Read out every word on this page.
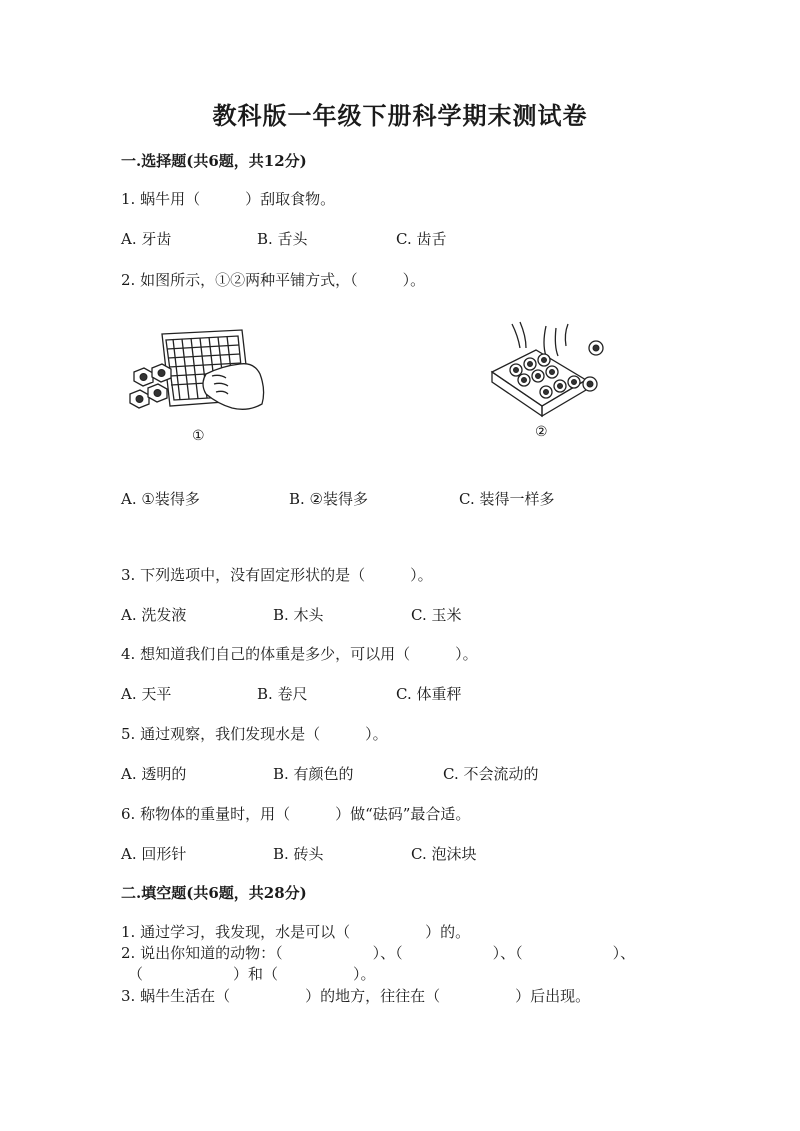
教科版一年级下册科学期末测试卷
一.选择题(共6题，共12分)
1. 蜗牛用（　　　）刮取食物。
A. 牙齿	B. 舌头	C. 齿舌
2. 如图所示，①②两种平铺方式，（　　　）。
①	②
A. ①装得多	B. ②装得多	C. 装得一样多
3. 下列选项中，没有固定形状的是（　　　）。
A. 洗发液	B. 木头	C. 玉米
4. 想知道我们自己的体重是多少，可以用（　　　）。
A. 天平	B. 卷尺	C. 体重秤
5. 通过观察，我们发现水是（　　　）。
A. 透明的	B. 有颜色的	C. 不会流动的
6. 称物体的重量时，用（　　　）做“砝码”最合适。
A. 回形针	B. 砖头	C. 泡沫块
二.填空题(共6题，共28分)
1. 通过学习，我发现，水是可以（　　　　　）的。
2. 说出你知道的动物：（　　　　　　）、（　　　　　　）、（　　　　　　）、
（　　　　　　）和（　　　　　）。
3. 蜗牛生活在（　　　　　）的地方，往往在（　　　　　）后出现。
